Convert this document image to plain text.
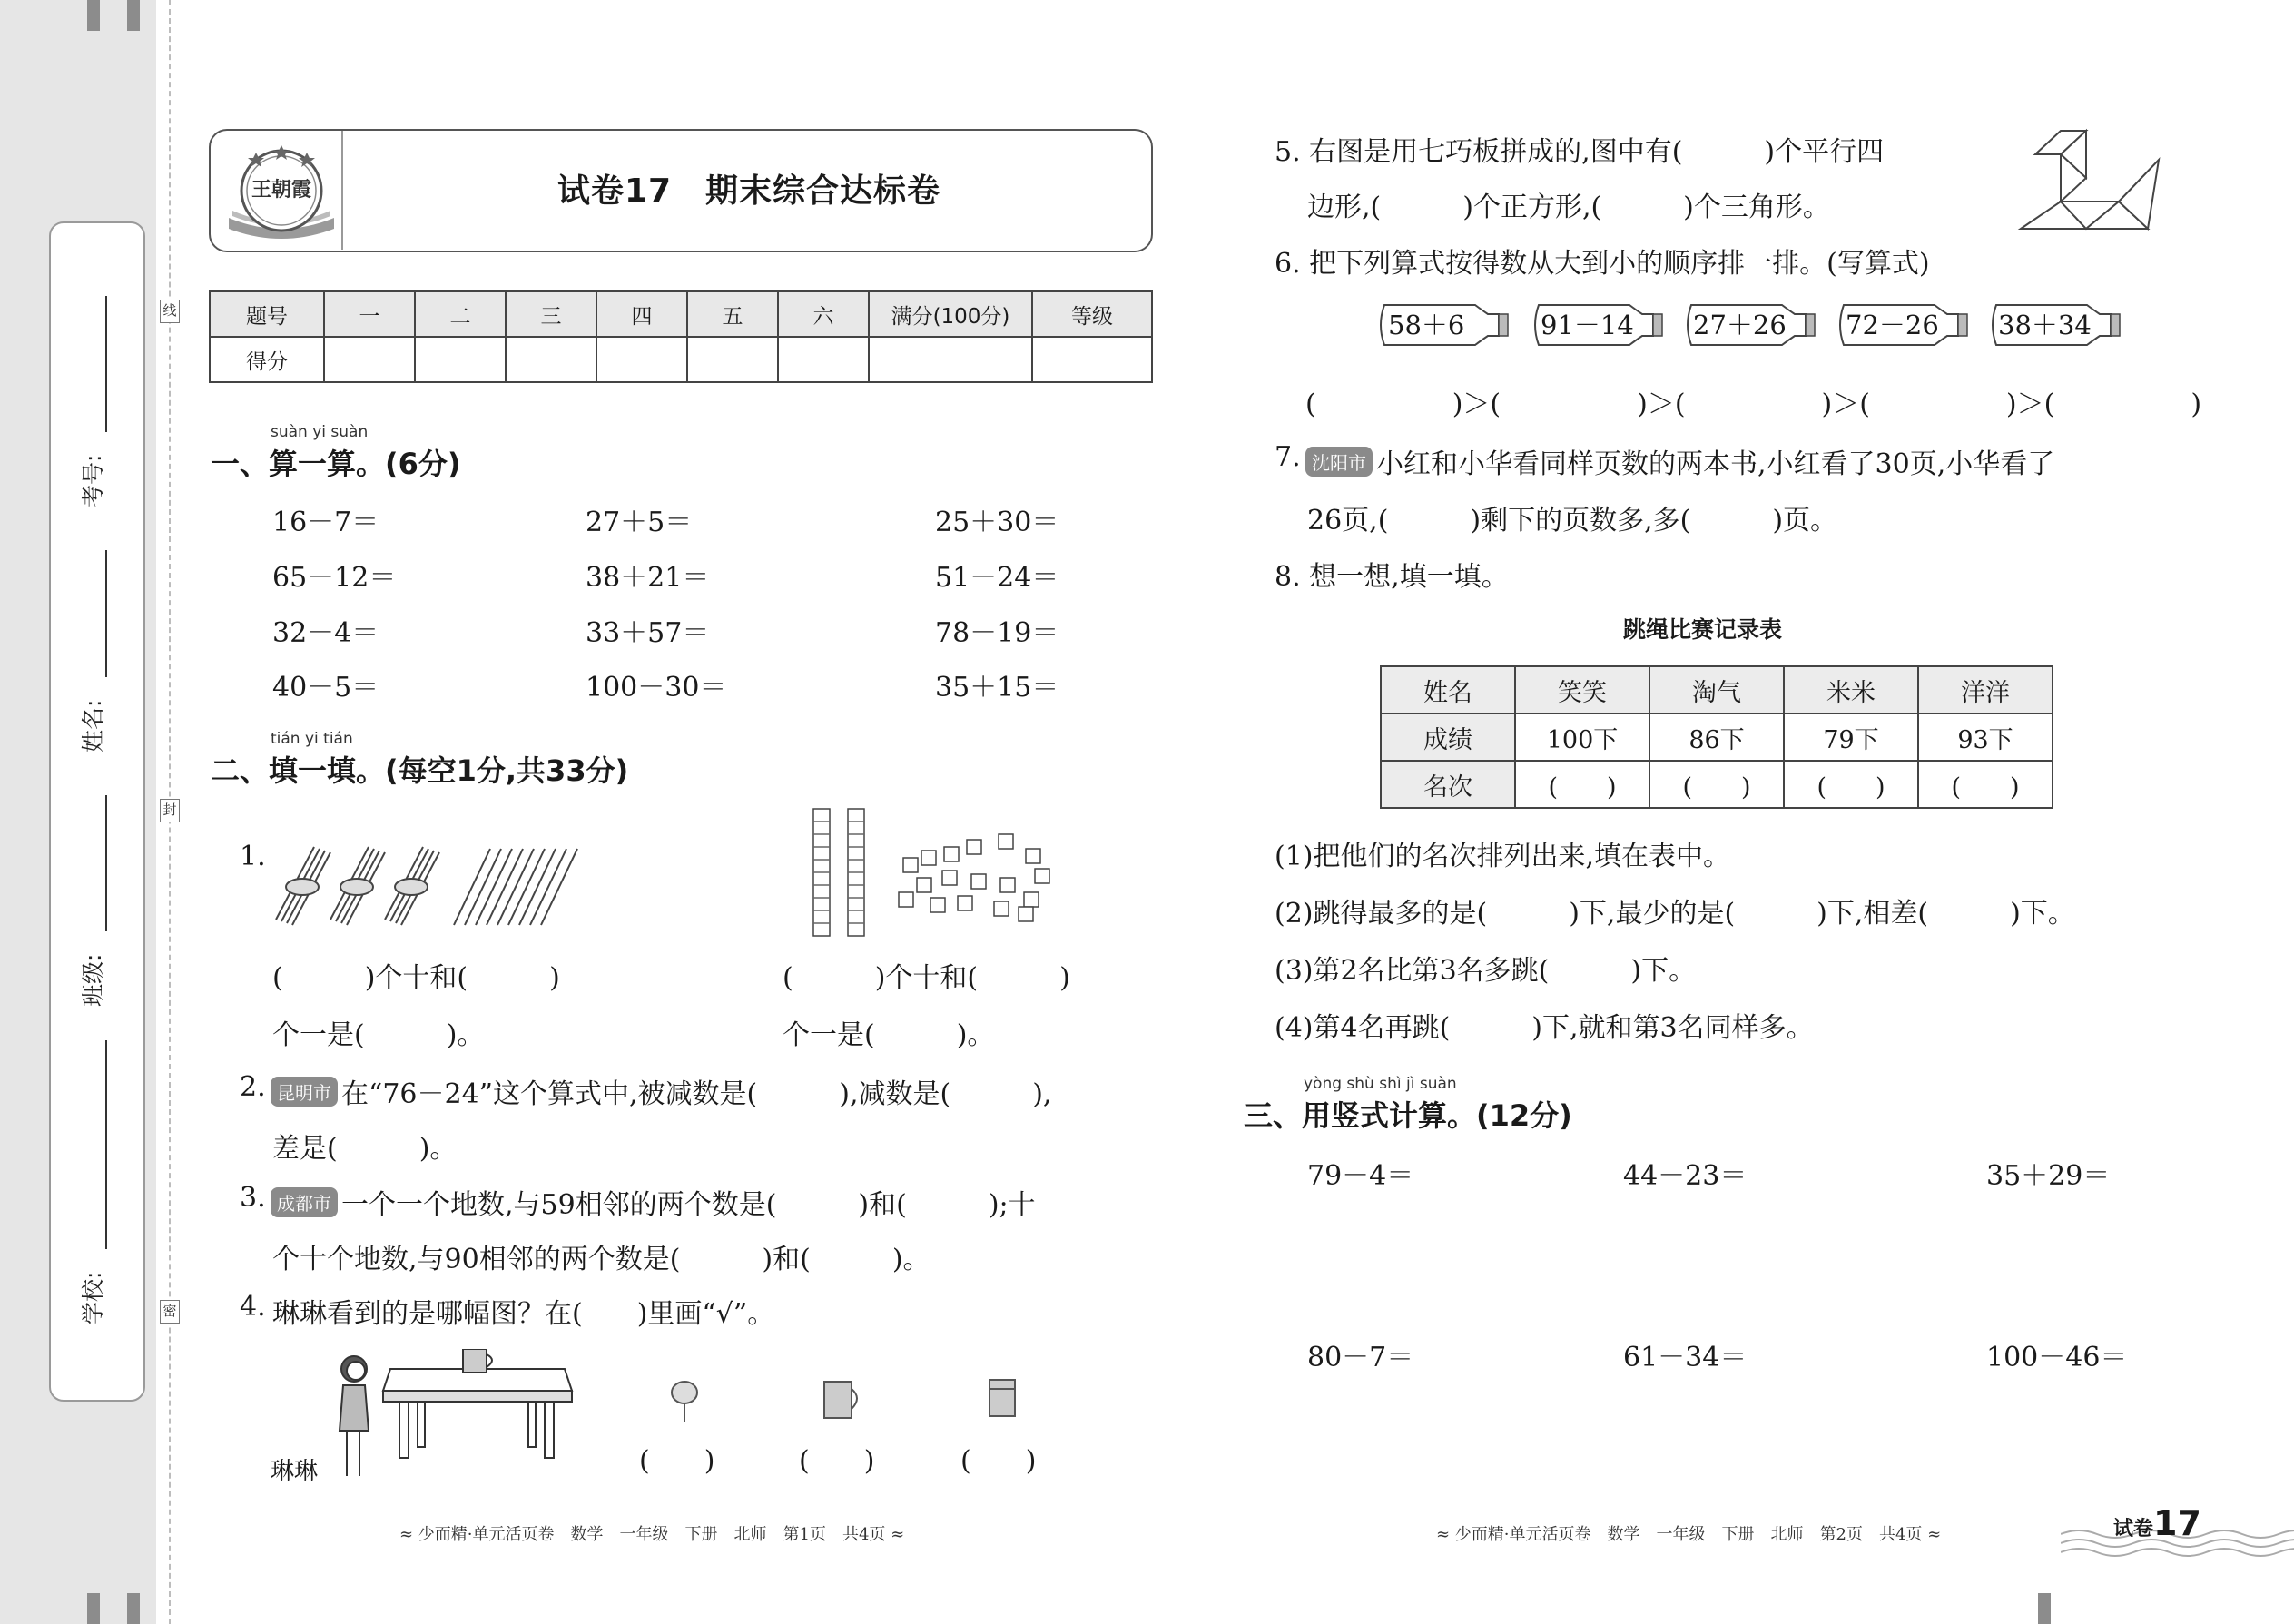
考号:
姓名:
班级:
学校:
线
封
密
王朝霞	试卷17　期末综合达标卷
题号	一	二	三	四	五	六	满分(100分)	等级
得分								
suàn yi suàn
一、算一算。(6分)
16－7＝	27＋5＝	25＋30＝
65－12＝	38＋21＝	51－24＝
32－4＝	33＋57＝	78－19＝
40－5＝	100－30＝	35＋15＝
tián yi tián
二、填一填。(每空1分,共33分)
1.
(　　　)个十和(　　　)
个一是(　　　)。
(　　　)个十和(　　　)
个一是(　　　)。
2. 昆明市 在“76－24”这个算式中,被减数是(　　　),减数是(　　　),
差是(　　　)。
3. 成都市 一个一个地数,与59相邻的两个数是(　　　)和(　　　);十
个十个地数,与90相邻的两个数是(　　　)和(　　　)。
4. 琳琳看到的是哪幅图？在(　　)里画“√”。
琳琳	(　　)	(　　)	(　　)
≈ 少而精·单元活页卷　数学　一年级　下册　北师　第1页　共4页 ≈
5. 右图是用七巧板拼成的,图中有(　　　)个平行四
边形,(　　　)个正方形,(　　　)个三角形。
6. 把下列算式按得数从大到小的顺序排一排。(写算式)
58＋6	91－14 27＋26 72－26 38＋34
(　　　　　)＞(　　　　　)＞(　　　　　)＞(　　　　　)＞(　　　　　)
7. 沈阳市 小红和小华看同样页数的两本书,小红看了30页,小华看了
26页,(　　　)剩下的页数多,多(　　　)页。
8. 想一想,填一填。
跳绳比赛记录表
姓名	笑笑	淘气	米米	洋洋
成绩	100下	86下	79下	93下
名次	(　　)	(　　)	(　　)	(　　)
(1)把他们的名次排列出来,填在表中。
(2)跳得最多的是(　　　)下,最少的是(　　　)下,相差(　　　)下。
(3)第2名比第3名多跳(　　　)下。
(4)第4名再跳(　　　)下,就和第3名同样多。
yòng shù shì jì suàn
三、用竖式计算。(12分)
79－4＝	44－23＝	35＋29＝
80－7＝	61－34＝	100－46＝
≈ 少而精·单元活页卷　数学　一年级　下册　北师　第2页　共4页 ≈	试卷17
